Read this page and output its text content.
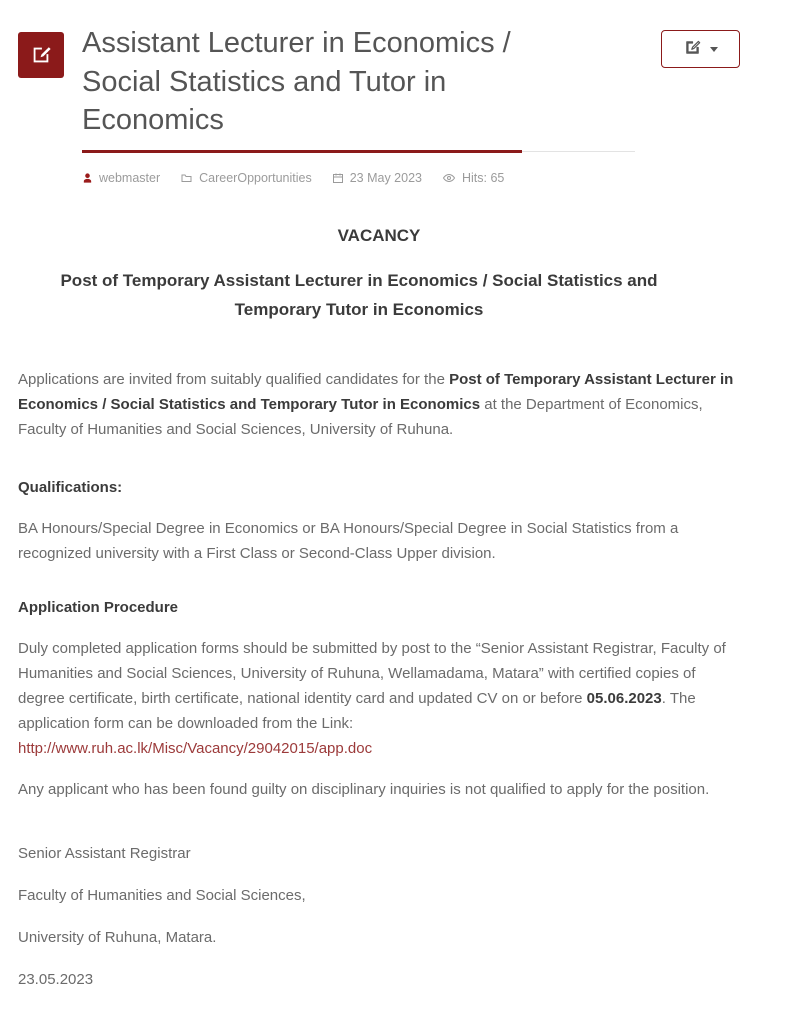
Assistant Lecturer in Economics / Social Statistics and Tutor in Economics
webmaster	CareerOpportunities	23 May 2023	Hits: 65

VACANCY

Post of Temporary Assistant Lecturer in Economics / Social Statistics and Temporary Tutor in Economics

Applications are invited from suitably qualified candidates for the Post of Temporary Assistant Lecturer in Economics / Social Statistics and Temporary Tutor in Economics at the Department of Economics, Faculty of Humanities and Social Sciences, University of Ruhuna.

Qualifications:

BA Honours/Special Degree in Economics or BA Honours/Special Degree in Social Statistics from a recognized university with a First Class or Second-Class Upper division.

Application Procedure

Duly completed application forms should be submitted by post to the “Senior Assistant Registrar, Faculty of Humanities and Social Sciences, University of Ruhuna, Wellamadama, Matara” with certified copies of degree certificate, birth certificate, national identity card and updated CV on or before 05.06.2023. The application form can be downloaded from the Link:
http://www.ruh.ac.lk/Misc/Vacancy/29042015/app.doc

Any applicant who has been found guilty on disciplinary inquiries is not qualified to apply for the position.

Senior Assistant Registrar

Faculty of Humanities and Social Sciences,

University of Ruhuna, Matara.

23.05.2023
